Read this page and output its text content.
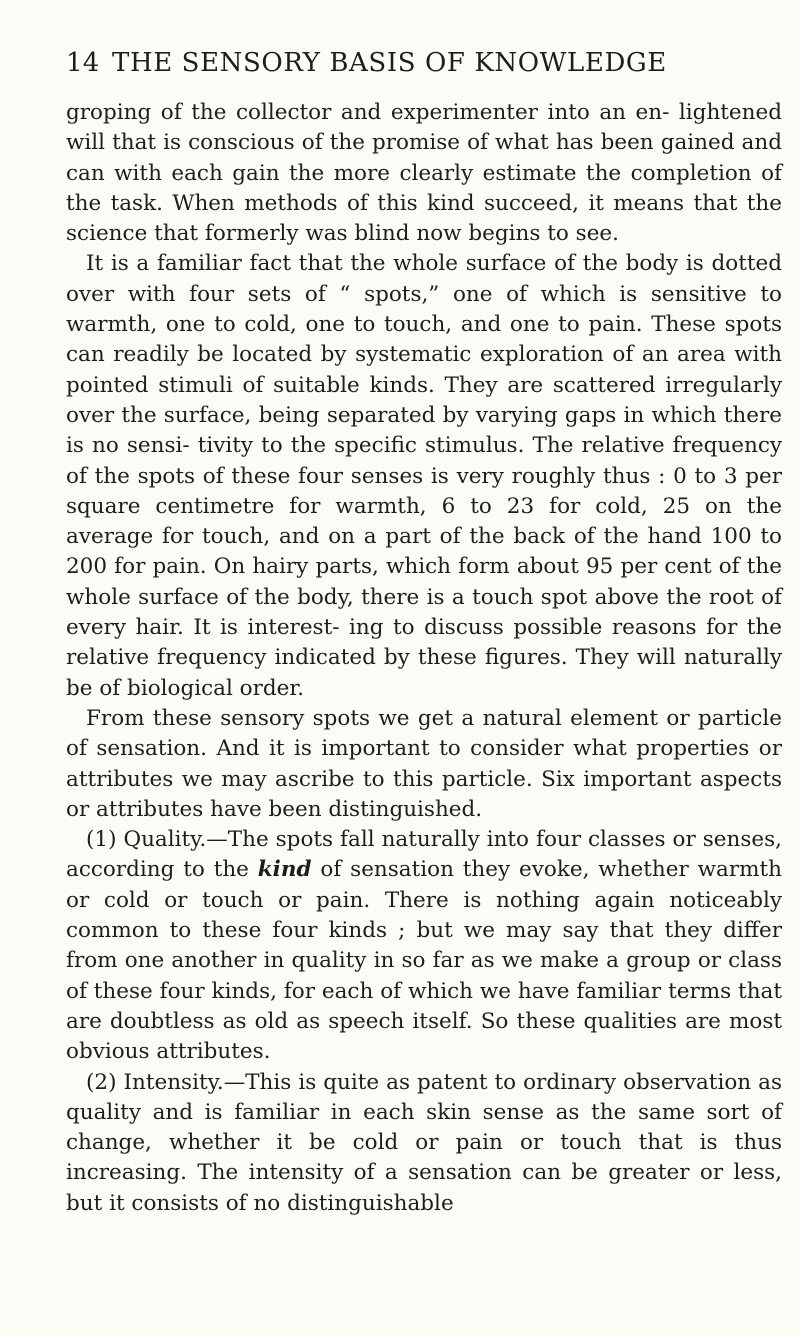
14 THE SENSORY BASIS OF KNOWLEDGE

groping of the collector and experimenter into an en- lightened will that is conscious of the promise of what has been gained and can with each gain the more clearly estimate the completion of the task. When methods of this kind succeed, it means that the science that formerly was blind now begins to see.

It is a familiar fact that the whole surface of the body is dotted over with four sets of “ spots,” one of which is sensitive to warmth, one to cold, one to touch, and one to pain. These spots can readily be located by systematic exploration of an area with pointed stimuli of suitable kinds. They are scattered irregularly over the surface, being separated by varying gaps in which there is no sensi- tivity to the specific stimulus. The relative frequency of the spots of these four senses is very roughly thus : 0 to 3 per square centimetre for warmth, 6 to 23 for cold, 25 on the average for touch, and on a part of the back of the hand 100 to 200 for pain. On hairy parts, which form about 95 per cent of the whole surface of the body, there is a touch spot above the root of every hair. It is interest- ing to discuss possible reasons for the relative frequency indicated by these figures. They will naturally be of biological order.

From these sensory spots we get a natural element or particle of sensation. And it is important to consider what properties or attributes we may ascribe to this particle. Six important aspects or attributes have been distinguished.

(1) Quality.—The spots fall naturally into four classes or senses, according to the kind of sensation they evoke, whether warmth or cold or touch or pain. There is nothing again noticeably common to these four kinds ; but we may say that they differ from one another in quality in so far as we make a group or class of these four kinds, for each of which we have familiar terms that are doubtless as old as speech itself. So these qualities are most obvious attributes.

(2) Intensity.—This is quite as patent to ordinary observation as quality and is familiar in each skin sense as the same sort of change, whether it be cold or pain or touch that is thus increasing. The intensity of a sensation can be greater or less, but it consists of no distinguishable
